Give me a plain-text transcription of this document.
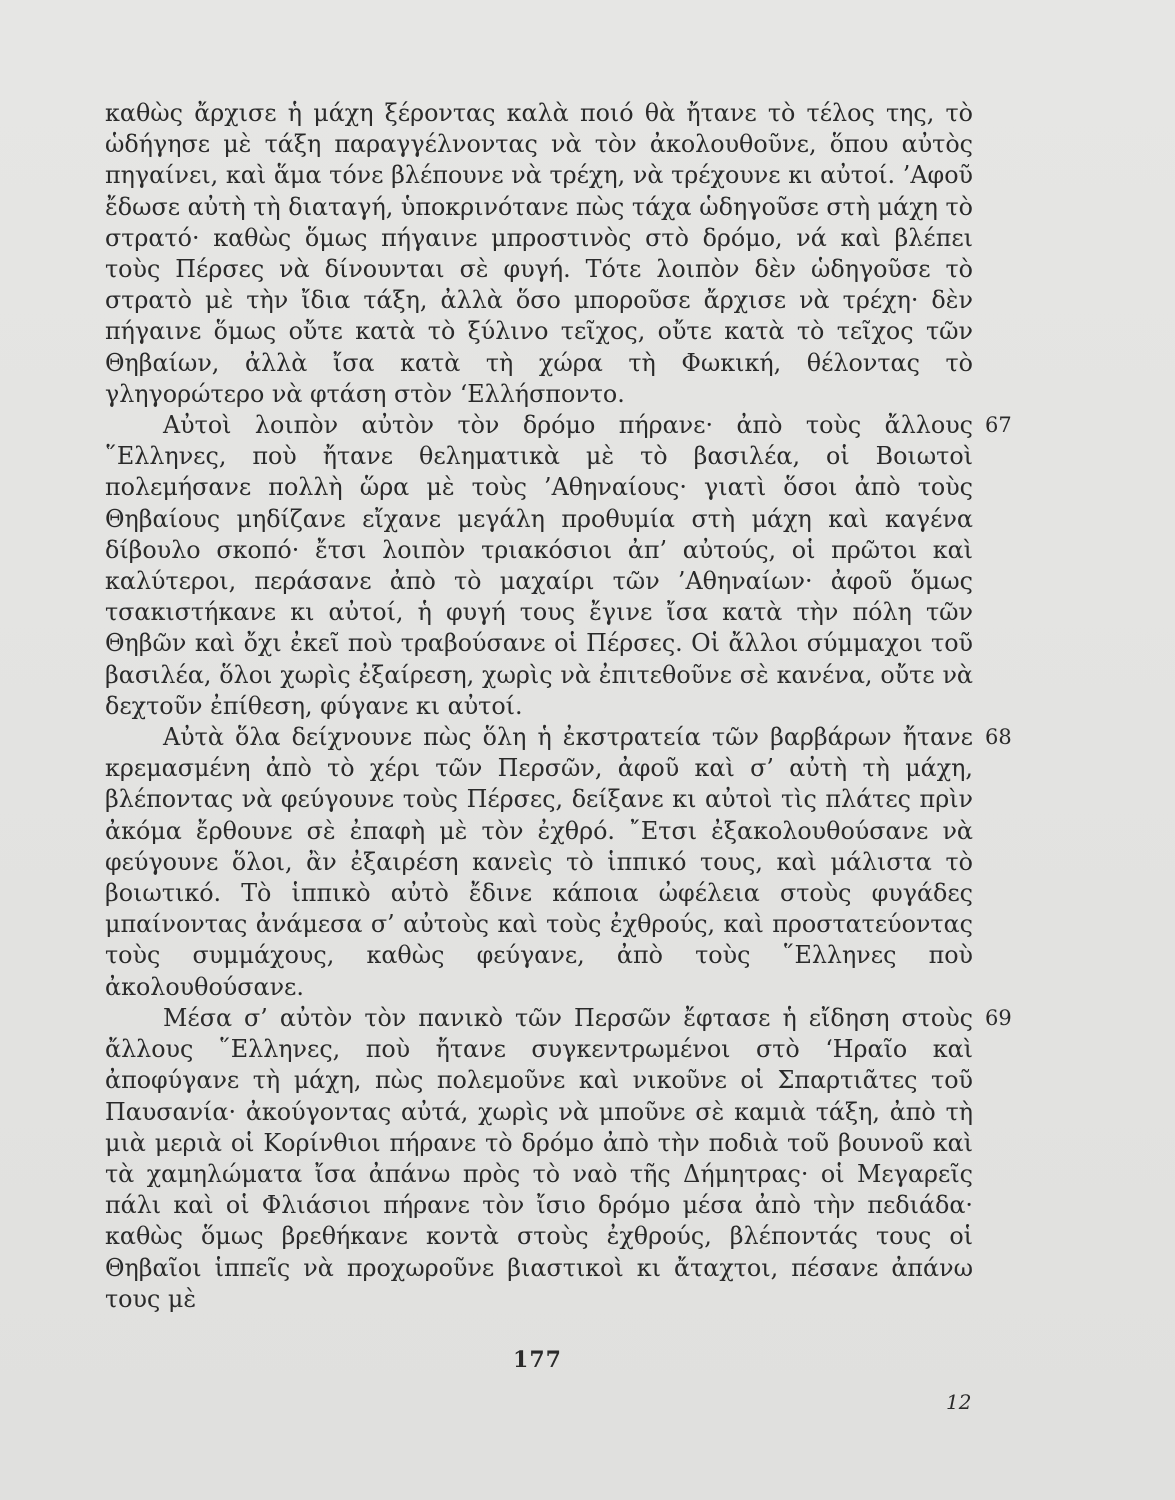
καθὼς ἄρχισε ἡ μάχη ξέροντας καλὰ ποιό θὰ ἤτανε τὸ τέλος της, τὸ ὡδήγησε μὲ τάξη παραγγέλνοντας νὰ τὸν ἀκολουθοῦνε, ὅπου αὐτὸς πηγαίνει, καὶ ἅμα τόνε βλέπουνε νὰ τρέχη, νὰ τρέχουνε κι αὐτοί. ’Αφοῦ ἔδωσε αὐτὴ τὴ διαταγή, ὑποκρινότανε πὼς τάχα ὡδηγοῦσε στὴ μάχη τὸ στρατό· καθὼς ὅμως πήγαινε μπροστινὸς στὸ δρόμο, νά καὶ βλέπει τοὺς Πέρσες νὰ δίνουνται σὲ φυγή. Τότε λοιπὸν δὲν ὡδηγοῦσε τὸ στρατὸ μὲ τὴν ἴδια τάξη, ἀλλὰ ὅσο μποροῦσε ἄρχισε νὰ τρέχη· δὲν πήγαινε ὅμως οὔτε κατὰ τὸ ξύλινο τεῖχος, οὔτε κατὰ τὸ τεῖχος τῶν Θηβαίων, ἀλλὰ ἴσα κατὰ τὴ χώρα τὴ Φωκική, θέλοντας τὸ γληγορώτερο νὰ φτάση στὸν ‘Ελλήσποντο.

67
Αὐτοὶ λοιπὸν αὐτὸν τὸν δρόμο πήρανε· ἀπὸ τοὺς ἄλλους ῞Ελληνες, ποὺ ἤτανε θεληματικὰ μὲ τὸ βασιλέα, οἱ Βοιωτοὶ πολεμήσανε πολλὴ ὥρα μὲ τοὺς ’Αθηναίους· γιατὶ ὅσοι ἀπὸ τοὺς Θηβαίους μηδίζανε εἴχανε μεγάλη προθυμία στὴ μάχη καὶ καγένα δίβουλο σκοπό· ἔτσι λοιπὸν τριακόσιοι ἀπ’ αὐτούς, οἱ πρῶτοι καὶ καλύτεροι, περάσανε ἀπὸ τὸ μαχαίρι τῶν ’Αθηναίων· ἀφοῦ ὅμως τσακιστήκανε κι αὐτοί, ἡ φυγή τους ἔγινε ἴσα κατὰ τὴν πόλη τῶν Θηβῶν καὶ ὄχι ἐκεῖ ποὺ τραβούσανε οἱ Πέρσες. Οἱ ἄλλοι σύμμαχοι τοῦ βασιλέα, ὅλοι χωρὶς ἐξαίρεση, χωρὶς νὰ ἐπιτεθοῦνε σὲ κανένα, οὔτε νὰ δεχτοῦν ἐπίθεση, φύγανε κι αὐτοί.

68
Αὐτὰ ὅλα δείχνουνε πὼς ὅλη ἡ ἐκστρατεία τῶν βαρβάρων ἤτανε κρεμασμένη ἀπὸ τὸ χέρι τῶν Περσῶν, ἀφοῦ καὶ σ’ αὐτὴ τὴ μάχη, βλέποντας νὰ φεύγουνε τοὺς Πέρσες, δείξανε κι αὐτοὶ τὶς πλάτες πρὶν ἀκόμα ἔρθουνε σὲ ἐπαφὴ μὲ τὸν ἐχθρό. ῎Ετσι ἐξακολουθούσανε νὰ φεύγουνε ὅλοι, ἂν ἐξαιρέση κανεὶς τὸ ἱππικό τους, καὶ μάλιστα τὸ βοιωτικό. Τὸ ἱππικὸ αὐτὸ ἔδινε κάποια ὠφέλεια στοὺς φυγάδες μπαίνοντας ἀνάμεσα σ’ αὐτοὺς καὶ τοὺς ἐχθρούς, καὶ προστατεύοντας τοὺς συμμάχους, καθὼς φεύγανε, ἀπὸ τοὺς ῞Ελληνες ποὺ ἀκολουθούσανε.

69
Μέσα σ’ αὐτὸν τὸν πανικὸ τῶν Περσῶν ἔφτασε ἡ εἴδηση στοὺς ἄλλους ῞Ελληνες, ποὺ ἤτανε συγκεντρωμένοι στὸ ‘Ηραῖο καὶ ἀποφύγανε τὴ μάχη, πὼς πολεμοῦνε καὶ νικοῦνε οἱ Σπαρτιᾶτες τοῦ Παυσανία· ἀκούγοντας αὐτά, χωρὶς νὰ μποῦνε σὲ καμιὰ τάξη, ἀπὸ τὴ μιὰ μεριὰ οἱ Κορίνθιοι πήρανε τὸ δρόμο ἀπὸ τὴν ποδιὰ τοῦ βουνοῦ καὶ τὰ χαμηλώματα ἴσα ἀπάνω πρὸς τὸ ναὸ τῆς Δήμητρας· οἱ Μεγαρεῖς πάλι καὶ οἱ Φλιάσιοι πήρανε τὸν ἴσιο δρόμο μέσα ἀπὸ τὴν πεδιάδα· καθὼς ὅμως βρεθήκανε κοντὰ στοὺς ἐχθρούς, βλέποντάς τους οἱ Θηβαῖοι ἱππεῖς νὰ προχωροῦνε βιαστικοὶ κι ἄταχτοι, πέσανε ἀπάνω τους μὲ

177
12
